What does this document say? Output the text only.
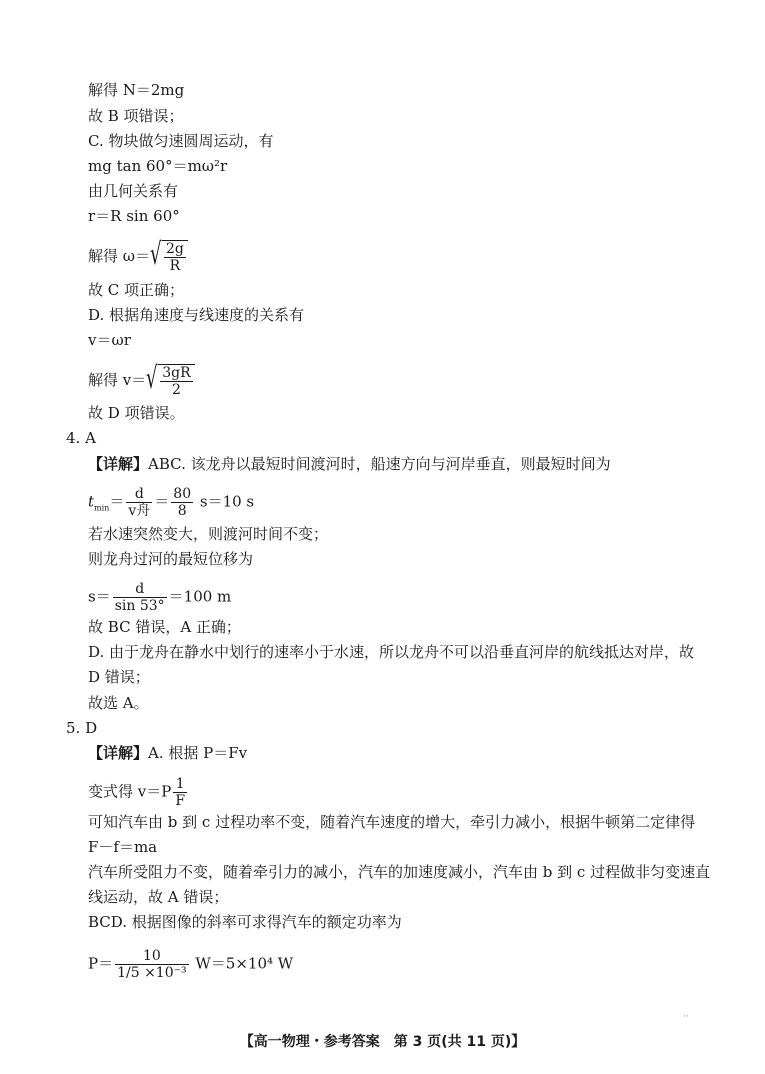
解得 N＝2mg
故 B 项错误；
C. 物块做匀速圆周运动，有
mg tan 60°＝mω²r
由几何关系有
r＝R sin 60°
解得 ω＝ √ $\frac{2g}{R}$
故 C 项正确；
D. 根据角速度与线速度的关系有
v＝ωr
解得 v＝ √ $\frac{3gR}{2}$
故 D 项错误。
4. A
【详解】ABC. 该龙舟以最短时间渡河时，船速方向与河岸垂直，则最短时间为
$t_{min}= \frac{d}{\text{v舟}} = \frac{80}{8} s=10$ s
若水速突然变大，则渡河时间不变；
则龙舟过河的最短位移为
$s= \frac{d}{\sin 53^\circ} =100$ m
故 BC 错误，A 正确；
D. 由于龙舟在静水中划行的速率小于水速，所以龙舟不可以沿垂直河岸的航线抵达对岸，故
D 错误；
故选 A。
5. D
【详解】A. 根据 P＝Fv
变式得 $v=P \frac{1}{F}$
可知汽车由 b 到 c 过程功率不变，随着汽车速度的增大，牵引力减小，根据牛顿第二定律得
F－f＝ma
汽车所受阻力不变，随着牵引力的减小，汽车的加速度减小，汽车由 b 到 c 过程做非匀变速直
线运动，故 A 错误；
BCD. 根据图像的斜率可求得汽车的额定功率为
$P= \frac{10}{\text{1/5 ×10⁻³}} W=5\times 10^4$ W
【高一物理・参考答案　第 3 页(共 11 页)】
··
